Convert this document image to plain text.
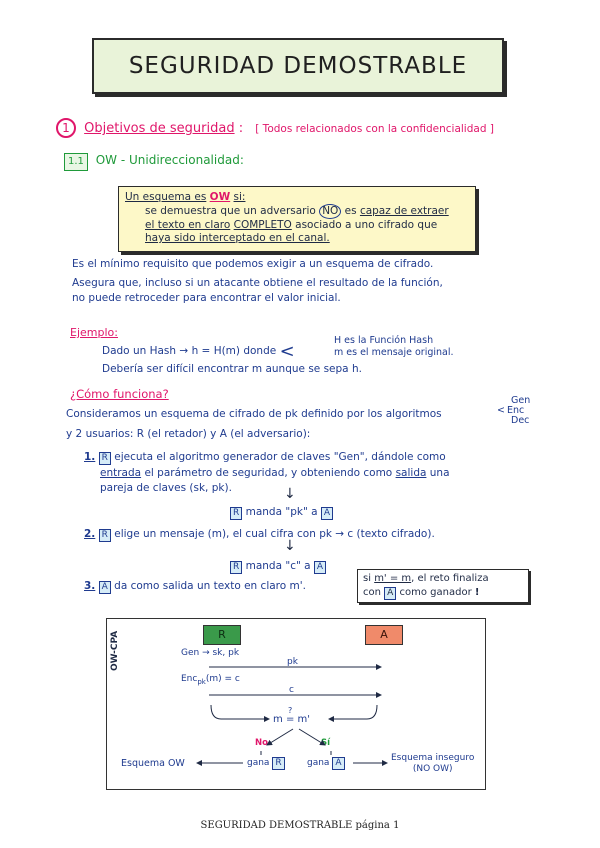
SEGURIDAD DEMOSTRABLE
1 Objetivos de seguridad : [ Todos relacionados con la confidencialidad ]
1.1 OW - Unidireccionalidad:
Un esquema es OW si:
se demuestra que un adversario NO es capaz de extraer
el texto en claro COMPLETO asociado a uno cifrado que
haya sido interceptado en el canal.
Es el mínimo requisito que podemos exigir a un esquema de cifrado.
Asegura que, incluso si un atacante obtiene el resultado de la función,
no puede retroceder para encontrar el valor inicial.
Ejemplo:
Dado un Hash → h = H(m) donde <
H es la Función Hash
m es el mensaje original.
Debería ser difícil encontrar m aunque se sepa h.
¿Cómo funciona?
Consideramos un esquema de cifrado de pk definido por los algoritmos
Gen
< Enc
Dec
y 2 usuarios: R (el retador) y A (el adversario):
1. R ejecuta el algoritmo generador de claves "Gen", dándole como
entrada el parámetro de seguridad, y obteniendo como salida una
pareja de claves (sk, pk).	↓
R manda "pk" a A
2. R elige un mensaje (m), el cual cifra con pk → c (texto cifrado).
↓
R manda "c" a A
3. A da como salida un texto en claro m'.
si m' = m, el reto finaliza
con A como ganador !
OW-CPA	R	A
Gen → sk, pk
pk
Enc$_{pk}$(m) = c
c
m
?
= m'
No	Sí
Esquema OW	gana R	gana A	Esquema inseguro
(NO OW)
SEGURIDAD DEMOSTRABLE página 1
